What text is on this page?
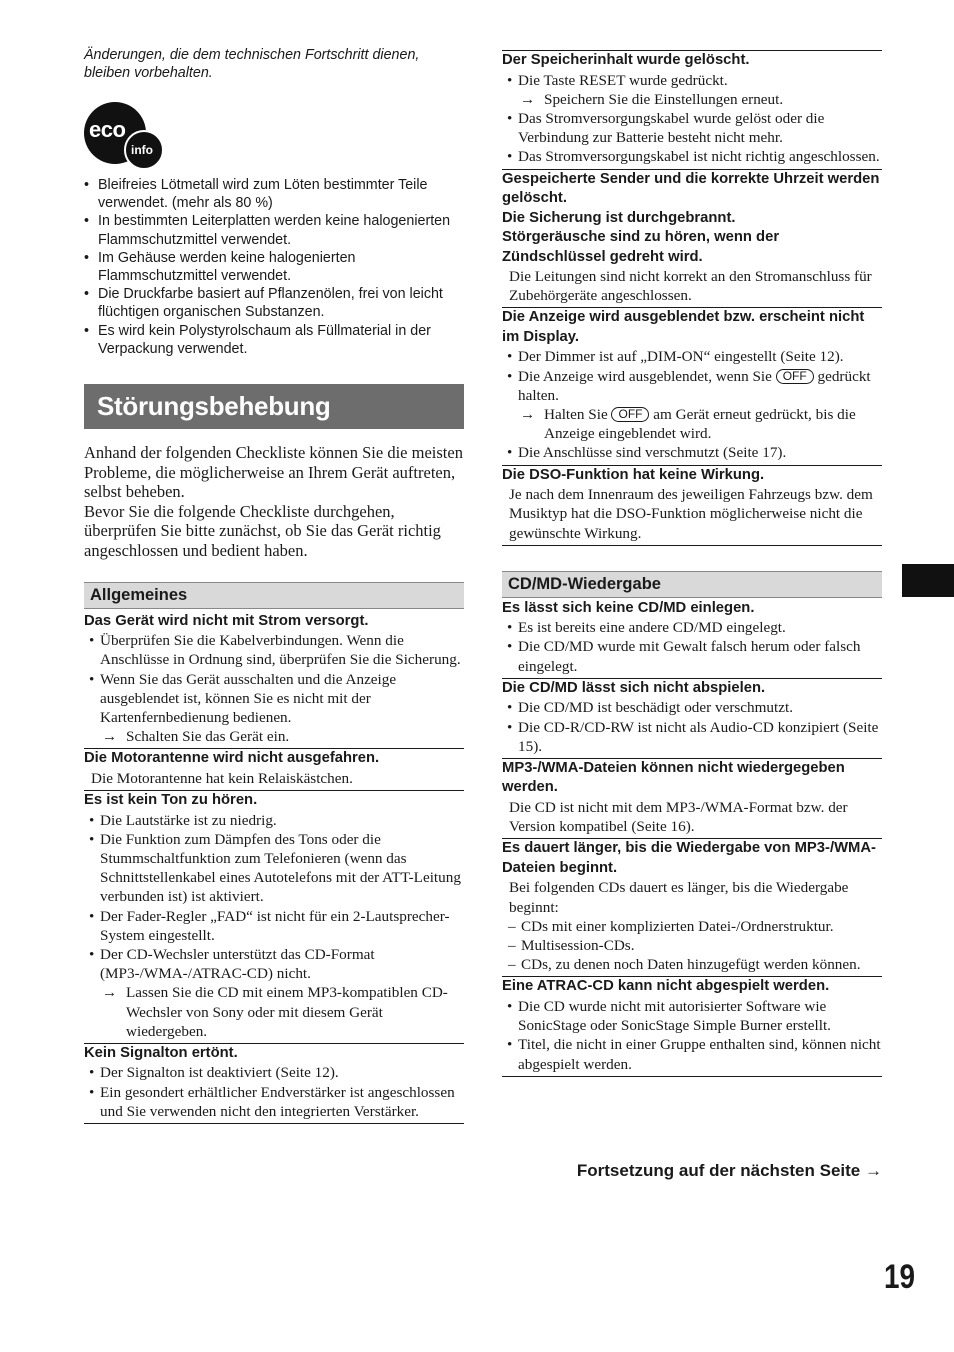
Änderungen, die dem technischen Fortschritt dienen, bleiben vorbehalten.

eco
info
• Bleifreies Lötmetall wird zum Löten bestimmter Teile verwendet. (mehr als 80 %)
• In bestimmten Leiterplatten werden keine halogenierten Flammschutzmittel verwendet.
• Im Gehäuse werden keine halogenierten Flammschutzmittel verwendet.
• Die Druckfarbe basiert auf Pflanzenölen, frei von leicht flüchtigen organischen Substanzen.
• Es wird kein Polystyrolschaum als Füllmaterial in der Verpackung verwendet.
Störungsbehebung
Anhand der folgenden Checkliste können Sie die meisten Probleme, die möglicherweise an Ihrem Gerät auftreten, selbst beheben.
Bevor Sie die folgende Checkliste durchgehen, überprüfen Sie bitte zunächst, ob Sie das Gerät richtig angeschlossen und bedient haben.
Allgemeines
Das Gerät wird nicht mit Strom versorgt.
• Überprüfen Sie die Kabelverbindungen. Wenn die Anschlüsse in Ordnung sind, überprüfen Sie die Sicherung.
• Wenn Sie das Gerät ausschalten und die Anzeige ausgeblendet ist, können Sie es nicht mit der Kartenfernbedienung bedienen.
→ Schalten Sie das Gerät ein.
Die Motorantenne wird nicht ausgefahren.

Die Motorantenne hat kein Relaiskästchen.

Es ist kein Ton zu hören.
• Die Lautstärke ist zu niedrig.
• Die Funktion zum Dämpfen des Tons oder die Stummschaltfunktion zum Telefonieren (wenn das Schnittstellenkabel eines Autotelefons mit der ATT-Leitung verbunden ist) ist aktiviert.
• Der Fader-Regler „FAD“ ist nicht für ein 2-Lautsprecher-System eingestellt.
• Der CD-Wechsler unterstützt das CD-Format (MP3-/WMA-/ATRAC-CD) nicht.
→ Lassen Sie die CD mit einem MP3-kompatiblen CD-Wechsler von Sony oder mit diesem Gerät wiedergeben.
Kein Signalton ertönt.
• Der Signalton ist deaktiviert (Seite 12).
• Ein gesondert erhältlicher Endverstärker ist angeschlossen und Sie verwenden nicht den integrierten Verstärker.
Der Speicherinhalt wurde gelöscht.
• Die Taste RESET wurde gedrückt.
→ Speichern Sie die Einstellungen erneut.
• Das Stromversorgungskabel wurde gelöst oder die Verbindung zur Batterie besteht nicht mehr.
• Das Stromversorgungskabel ist nicht richtig angeschlossen.
Gespeicherte Sender und die korrekte Uhrzeit werden gelöscht.
Die Sicherung ist durchgebrannt.
Störgeräusche sind zu hören, wenn der Zündschlüssel gedreht wird.

Die Leitungen sind nicht korrekt an den Stromanschluss für Zubehörgeräte angeschlossen.

Die Anzeige wird ausgeblendet bzw. erscheint nicht im Display.
• Der Dimmer ist auf „DIM-ON“ eingestellt (Seite 12).
• Die Anzeige wird ausgeblendet, wenn Sie OFF gedrückt halten.
→ Halten Sie OFF am Gerät erneut gedrückt, bis die Anzeige eingeblendet wird.
• Die Anschlüsse sind verschmutzt (Seite 17).
Die DSO-Funktion hat keine Wirkung.

Je nach dem Innenraum des jeweiligen Fahrzeugs bzw. dem Musiktyp hat die DSO-Funktion möglicherweise nicht die gewünschte Wirkung.

CD/MD-Wiedergabe
Es lässt sich keine CD/MD einlegen.
• Es ist bereits eine andere CD/MD eingelegt.
• Die CD/MD wurde mit Gewalt falsch herum oder falsch eingelegt.
Die CD/MD lässt sich nicht abspielen.
• Die CD/MD ist beschädigt oder verschmutzt.
• Die CD-R/CD-RW ist nicht als Audio-CD konzipiert (Seite 15).
MP3-/WMA-Dateien können nicht wiedergegeben werden.

Die CD ist nicht mit dem MP3-/WMA-Format bzw. der Version kompatibel (Seite 16).

Es dauert länger, bis die Wiedergabe von MP3-/WMA-Dateien beginnt.

Bei folgenden CDs dauert es länger, bis die Wiedergabe beginnt:

– CDs mit einer komplizierten Datei-/Ordnerstruktur.
– Multisession-CDs.
– CDs, zu denen noch Daten hinzugefügt werden können.
Eine ATRAC-CD kann nicht abgespielt werden.
• Die CD wurde nicht mit autorisierter Software wie SonicStage oder SonicStage Simple Burner erstellt.
• Titel, die nicht in einer Gruppe enthalten sind, können nicht abgespielt werden.
Fortsetzung auf der nächsten Seite →
19
